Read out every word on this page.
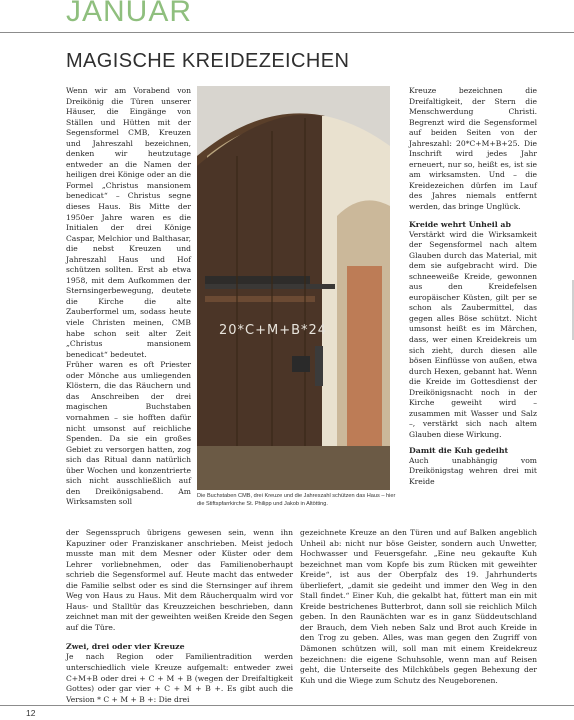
JANUAR
MAGISCHE KREIDEZEICHEN

Wenn wir am Vorabend von Dreikönig die Türen unserer Häuser, die Eingänge von Ställen und Hütten mit der Segensformel CMB, Kreuzen und Jahreszahl bezeichnen, denken wir heutzutage entweder an die Namen der heiligen drei Könige oder an die Formel „Christus mansionem benedicat“ – Christus segne dieses Haus. Bis Mitte der 1950er Jahre waren es die Initialen der drei Könige Caspar, Melchior und Balthasar, die nebst Kreuzen und Jahreszahl Haus und Hof schützen sollten. Erst ab etwa 1958, mit dem Aufkommen der Sternsingerbewegung, deutete die Kirche die alte Zauberformel um, sodass heute viele Christen meinen, CMB habe schon seit alter Zeit „Christus mansionem benedicat“ bedeutet.

Früher waren es oft Priester oder Mönche aus umliegenden Klöstern, die das Räuchern und das Anschreiben der drei magischen Buchstaben vornahmen – sie hofften dafür nicht umsonst auf reichliche Spenden. Da sie ein großes Gebiet zu versorgen hatten, zog sich das Ritual dann natürlich über Wochen und konzentrierte sich nicht ausschließlich auf den Dreikönigsabend. Am Wirksamsten soll

20*C+M+B*24
Die Buchstaben CMB, drei Kreuze und die Jahreszahl schützen das Haus – hier die Stiftspfarrkirche St. Philipp und Jakob in Altötting.

Kreuze bezeichnen die Dreifaltigkeit, der Stern die Menschwerdung Christi. Begrenzt wird die Segensformel auf beiden Seiten von der Jahreszahl: 20*C+M+B+25. Die Inschrift wird jedes Jahr erneuert, nur so, heißt es, ist sie am wirksamsten. Und – die Kreidezeichen dürfen im Lauf des Jahres niemals entfernt werden, das bringe Unglück.

Kreide wehrt Unheil ab

Verstärkt wird die Wirksamkeit der Segensformel nach altem Glauben durch das Material, mit dem sie aufgebracht wird. Die schneeweiße Kreide, gewonnen aus den Kreidefelsen europäischer Küsten, gilt per se schon als Zaubermittel, das gegen alles Böse schützt. Nicht umsonst heißt es im Märchen, dass, wer einen Kreidekreis um sich zieht, durch diesen alle bösen Einflüsse von außen, etwa durch Hexen, gebannt hat. Wenn die Kreide im Gottesdienst der Dreikönigsnacht noch in der Kirche geweiht wird – zusammen mit Wasser und Salz –, verstärkt sich nach altem Glauben diese Wirkung.

Damit die Kuh gedeiht

Auch unabhängig vom Dreikönigstag wehren drei mit Kreide

der Segensspruch übrigens gewesen sein, wenn ihn Kapuziner oder Franziskaner anschrieben. Meist jedoch musste man mit dem Mesner oder Küster oder dem Lehrer vorliebnehmen, oder das Familienoberhaupt schrieb die Segensformel auf. Heute macht das entweder die Familie selbst oder es sind die Sternsinger auf ihrem Weg von Haus zu Haus. Mit dem Räucherqualm wird vor Haus- und Stalltür das Kreuzzeichen beschrieben, dann zeichnet man mit der geweihten weißen Kreide den Segen auf die Türe.

Zwei, drei oder vier Kreuze

Je nach Region oder Familientradition werden unterschiedlich viele Kreuze aufgemalt: entweder zwei C+M+B oder drei + C + M + B (wegen der Dreifaltigkeit Gottes) oder gar vier + C + M + B +. Es gibt auch die Version * C + M + B +: Die drei

gezeichnete Kreuze an den Türen und auf Balken angeblich Unheil ab: nicht nur böse Geister, sondern auch Unwetter, Hochwasser und Feuersgefahr. „Eine neu gekaufte Kuh bezeichnet man vom Kopfe bis zum Rücken mit geweihter Kreide“, ist aus der Oberpfalz des 19. Jahrhunderts überliefert, „damit sie gedeiht und immer den Weg in den Stall findet.“ Einer Kuh, die gekalbt hat, füttert man ein mit Kreide bestrichenes Butterbrot, dann soll sie reichlich Milch geben. In den Raunächten war es in ganz Süddeutschland der Brauch, dem Vieh neben Salz und Brot auch Kreide in den Trog zu geben. Alles, was man gegen den Zugriff von Dämonen schützen will, soll man mit einem Kreidekreuz bezeichnen: die eigene Schuhsohle, wenn man auf Reisen geht, die Unterseite des Milchkübels gegen Behexung der Kuh und die Wiege zum Schutz des Neugeborenen.

12
